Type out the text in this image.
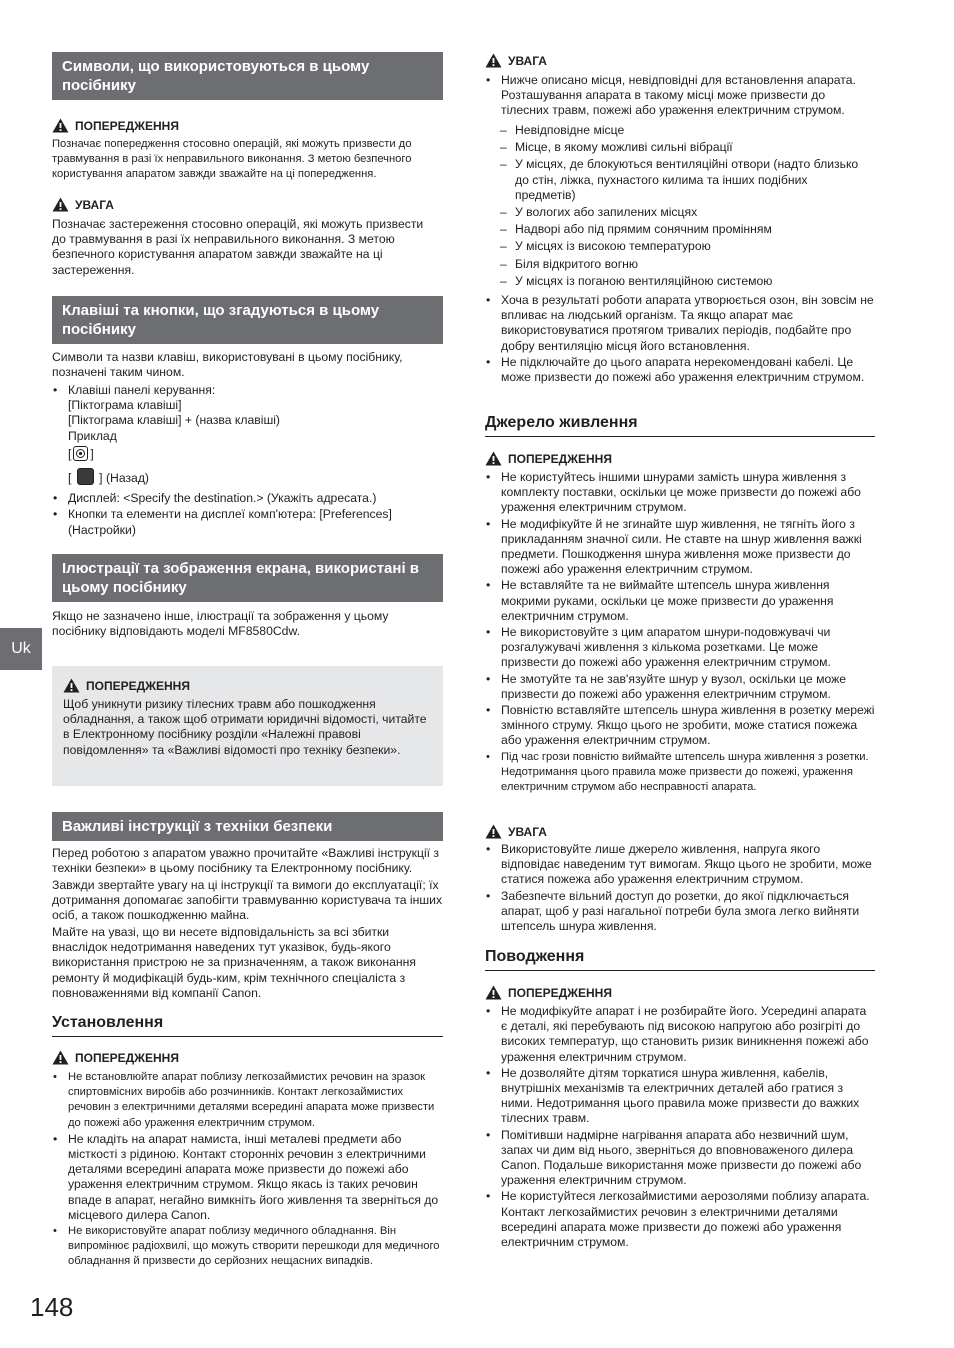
Uk
148
Символи, що використовуються в цьому посібнику
ПОПЕРЕДЖЕННЯ

Позначає попередження стосовно операцій, які можуть призвести до травмування в разі їх неправильного виконання. З метою безпечного користування апаратом завжди зважайте на ці попередження.

УВАГА

Позначає застереження стосовно операцій, які можуть призвести до травмування в разі їх неправильного виконання. З метою безпечного користування апаратом завжди зважайте на ці застереження.

Клавіші та кнопки, що згадуються в цьому посібнику

Символи та назви клавіш, використовувані в цьому посібнику, позначені таким чином.

• Клавіші панелі керування:
[Піктограма клавіші]
[Піктограма клавіші] + (назва клавіші)
Приклад
[ ]
[  ] (Назад)
• Дисплей: <Specify the destination.> (Укажіть адресата.)
• Кнопки та елементи на дисплеї комп'ютера: [Preferences] (Настройки)
Ілюстрації та зображення екрана, використані в цьому посібнику

Якщо не зазначено інше, ілюстрації та зображення у цьому посібнику відповідають моделі MF8580Cdw.

ПОПЕРЕДЖЕННЯ

Щоб уникнути ризику тілесних травм або пошкодження обладнання, а також щоб отримати юридичні відомості, читайте в Електронному посібнику розділи «Належні правові повідомлення» та «Важливі відомості про техніку безпеки».

Важливі інструкції з техніки безпеки

Перед роботою з апаратом уважно прочитайте «Важливі інструкції з техніки безпеки» в цьому посібнику та Електронному посібнику.

Завжди звертайте увагу на ці інструкції та вимоги до експлуатації; їх дотримання допомагає запобігти травмуванню користувача та інших осіб, а також пошкодженню майна.

Майте на увазі, що ви несете відповідальність за всі збитки внаслідок недотримання наведених тут указівок, будь-якого використання пристрою не за призначенням, а також виконання ремонту й модифікацій будь-ким, крім технічного спеціаліста з повноваженнями від компанії Canon.

Установлення
ПОПЕРЕДЖЕННЯ
• Не встановлюйте апарат поблизу легкозаймистих речовин на зразок спиртовмісних виробів або розчинників. Контакт легкозаймистих речовин з електричними деталями всередині апарата може призвести до пожежі або ураження електричним струмом.
• Не кладіть на апарат намиста, інші металеві предмети або місткості з рідиною. Контакт сторонніх речовин з електричними деталями всередині апарата може призвести до пожежі або ураження електричним струмом. Якщо якась із таких речовин впаде в апарат, негайно вимкніть його живлення та зверніться до місцевого дилера Canon.
• Не використовуйте апарат поблизу медичного обладнання. Він випромінює радіохвилі, що можуть створити перешкоди для медичного обладнання й призвести до серйозних нещасних випадків.
УВАГА
• Нижче описано місця, невідповідні для встановлення апарата. Розташування апарата в такому місці може призвести до тілесних травм, пожежі або ураження електричним струмом.
– Невідповідне місце
– Місце, в якому можливі сильні вібрації
– У місцях, де блокуються вентиляційні отвори (надто близько до стін, ліжка, пухнастого килима та інших подібних предметів)
– У вологих або запилених місцях
– Надворі або під прямим сонячним промінням
– У місцях із високою температурою
– Біля відкритого вогню
– У місцях із поганою вентиляційною системою
• Хоча в результаті роботи апарата утворюється озон, він зовсім не впливає на людський організм. Та якщо апарат має використовуватися протягом тривалих періодів, подбайте про добру вентиляцію місця його встановлення.
• Не підключайте до цього апарата нерекомендовані кабелі. Це може призвести до пожежі або ураження електричним струмом.
Джерело живлення
ПОПЕРЕДЖЕННЯ
• Не користуйтесь іншими шнурами замість шнура живлення з комплекту поставки, оскільки це може призвести до пожежі або ураження електричним струмом.
• Не модифікуйте й не згинайте шур живлення, не тягніть його з прикладанням значної сили. Не ставте на шнур живлення важкі предмети. Пошкодження шнура живлення може призвести до пожежі або ураження електричним струмом.
• Не вставляйте та не виймайте штепсель шнура живлення мокрими руками, оскільки це може призвести до ураження електричним струмом.
• Не використовуйте з цим апаратом шнури-подовжувачі чи розгалужувачі живлення з кількома розетками. Це може призвести до пожежі або ураження електричним струмом.
• Не змотуйте та не зав'язуйте шнур у вузол, оскільки це може призвести до пожежі або ураження електричним струмом.
• Повністю вставляйте штепсель шнура живлення в розетку мережі змінного струму. Якщо цього не зробити, може статися пожежа або ураження електричним струмом.
• Під час грози повністю виймайте штепсель шнура живлення з розетки. Недотримання цього правила може призвести до пожежі, ураження електричним струмом або несправності апарата.
УВАГА
• Використовуйте лише джерело живлення, напруга якого відповідає наведеним тут вимогам. Якщо цього не зробити, може статися пожежа або ураження електричним струмом.
• Забезпечте вільний доступ до розетки, до якої підключається апарат, щоб у разі нагальної потреби була змога легко вийняти штепсель шнура живлення.
Поводження
ПОПЕРЕДЖЕННЯ
• Не модифікуйте апарат і не розбирайте його. Усередині апарата є деталі, які перебувають під високою напругою або розігріті до високих температур, що становить ризик виникнення пожежі або ураження електричним струмом.
• Не дозволяйте дітям торкатися шнура живлення, кабелів, внутрішніх механізмів та електричних деталей або гратися з ними. Недотримання цього правила може призвести до важких тілесних травм.
• Помітивши надмірне нагрівання апарата або незвичний шум, запах чи дим від нього, зверніться до вповноваженого дилера Canon. Подальше використання може призвести до пожежі або ураження електричним струмом.
• Не користуйтеся легкозаймистими аерозолями поблизу апарата. Контакт легкозаймистих речовин з електричними деталями всередині апарата може призвести до пожежі або ураження електричним струмом.
